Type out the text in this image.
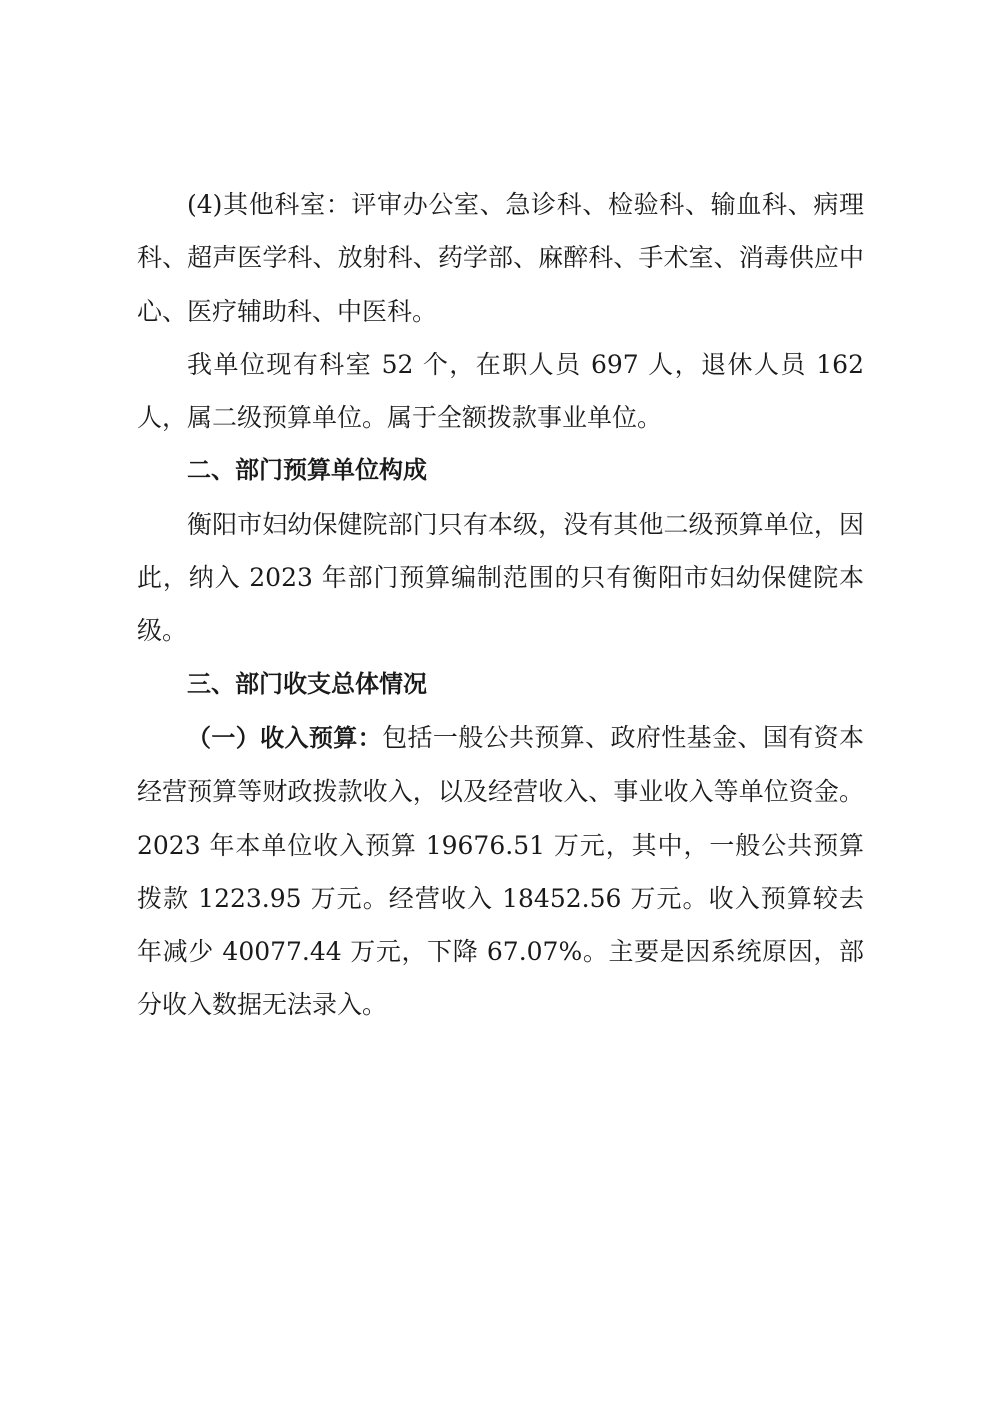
(4)其他科室：评审办公室、急诊科、检验科、输血科、病理科、超声医学科、放射科、药学部、麻醉科、手术室、消毒供应中心、医疗辅助科、中医科。

我单位现有科室 52 个，在职人员 697 人，退休人员 162 人，属二级预算单位。属于全额拨款事业单位。

二、部门预算单位构成

衡阳市妇幼保健院部门只有本级，没有其他二级预算单位，因此，纳入 2023 年部门预算编制范围的只有衡阳市妇幼保健院本级。

三、部门收支总体情况

（一）收入预算：包括一般公共预算、政府性基金、国有资本经营预算等财政拨款收入，以及经营收入、事业收入等单位资金。2023 年本单位收入预算 19676.51 万元，其中，一般公共预算拨款 1223.95 万元。经营收入 18452.56 万元。收入预算较去年减少 40077.44 万元，下降 67.07%。主要是因系统原因，部分收入数据无法录入。
